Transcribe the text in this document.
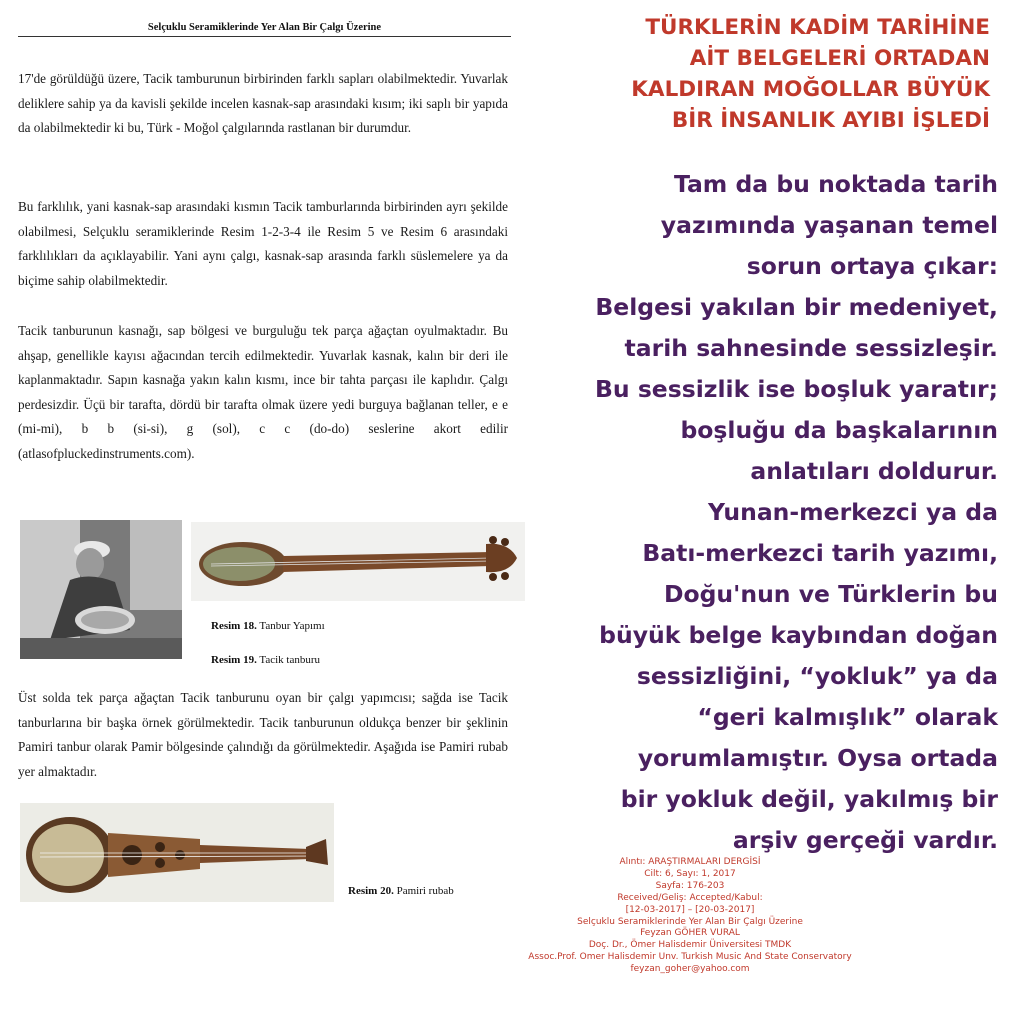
Selçuklu Seramiklerinde Yer Alan Bir Çalgı Üzerine

17'de görüldüğü üzere, Tacik tamburunun birbirinden farklı sapları olabilmektedir. Yuvarlak deliklere sahip ya da kavisli şekilde incelen kasnak-sap arasındaki kısım; iki saplı bir yapıda da olabilmektedir ki bu, Türk - Moğol çalgılarında rastlanan bir durumdur.

Bu farklılık, yani kasnak-sap arasındaki kısmın Tacik tamburlarında birbirinden ayrı şekilde olabilmesi, Selçuklu seramiklerinde Resim 1-2-3-4 ile Resim 5 ve Resim 6 arasındaki farklılıkları da açıklayabilir. Yani aynı çalgı, kasnak-sap arasında farklı süslemelere ya da biçime sahip olabilmektedir.

Tacik tanburunun kasnağı, sap bölgesi ve burguluğu tek parça ağaçtan oyulmaktadır. Bu ahşap, genellikle kayısı ağacından tercih edilmektedir. Yuvarlak kasnak, kalın bir deri ile kaplanmaktadır. Sapın kasnağa yakın kalın kısmı, ince bir tahta parçası ile kaplıdır. Çalgı perdesizdir. Üçü bir tarafta, dördü bir tarafta olmak üzere yedi burguya bağlanan teller, e e (mi-mi), b b (si-si), g (sol), c c (do-do) seslerine akort edilir (atlasofpluckedinstruments.com).

Resim 18. Tanbur Yapımı
Resim 19. Tacik tanburu

Üst solda tek parça ağaçtan Tacik tanburunu oyan bir çalgı yapımcısı; sağda ise Tacik tanburlarına bir başka örnek görülmektedir. Tacik tanburunun oldukça benzer bir şeklinin Pamiri tanbur olarak Pamir bölgesinde çalındığı da görülmektedir. Aşağıda ise Pamiri rubab yer almaktadır.

Resim 20. Pamiri rubab
TÜRKLERİN KADİM TARİHİNE
AİT BELGELERİ ORTADAN
KALDIRAN MOĞOLLAR BÜYÜK
BİR İNSANLIK AYIBI İŞLEDİ
Tam da bu noktada tarih
yazımında yaşanan temel
sorun ortaya çıkar:
Belgesi yakılan bir medeniyet,
tarih sahnesinde sessizleşir.
Bu sessizlik ise boşluk yaratır;
boşluğu da başkalarının
anlatıları doldurur.
Yunan-merkezci ya da
Batı-merkezci tarih yazımı,
Doğu'nun ve Türklerin bu
büyük belge kaybından doğan
sessizliğini, “yokluk” ya da
“geri kalmışlık” olarak
yorumlamıştır. Oysa ortada
bir yokluk değil, yakılmış bir
arşiv gerçeği vardır.
Alıntı: ARAŞTIRMALARI DERGİSİ
Cilt: 6, Sayı: 1, 2017
Sayfa: 176-203
Received/Geliş: Accepted/Kabul:
[12-03-2017] – [20-03-2017]
Selçuklu Seramiklerinde Yer Alan Bir Çalgı Üzerine
Feyzan GÖHER VURAL
Doç. Dr., Ömer Halisdemir Üniversitesi TMDK
Assoc.Prof. Omer Halisdemir Unv. Turkish Music And State Conservatory
feyzan_goher@yahoo.com
